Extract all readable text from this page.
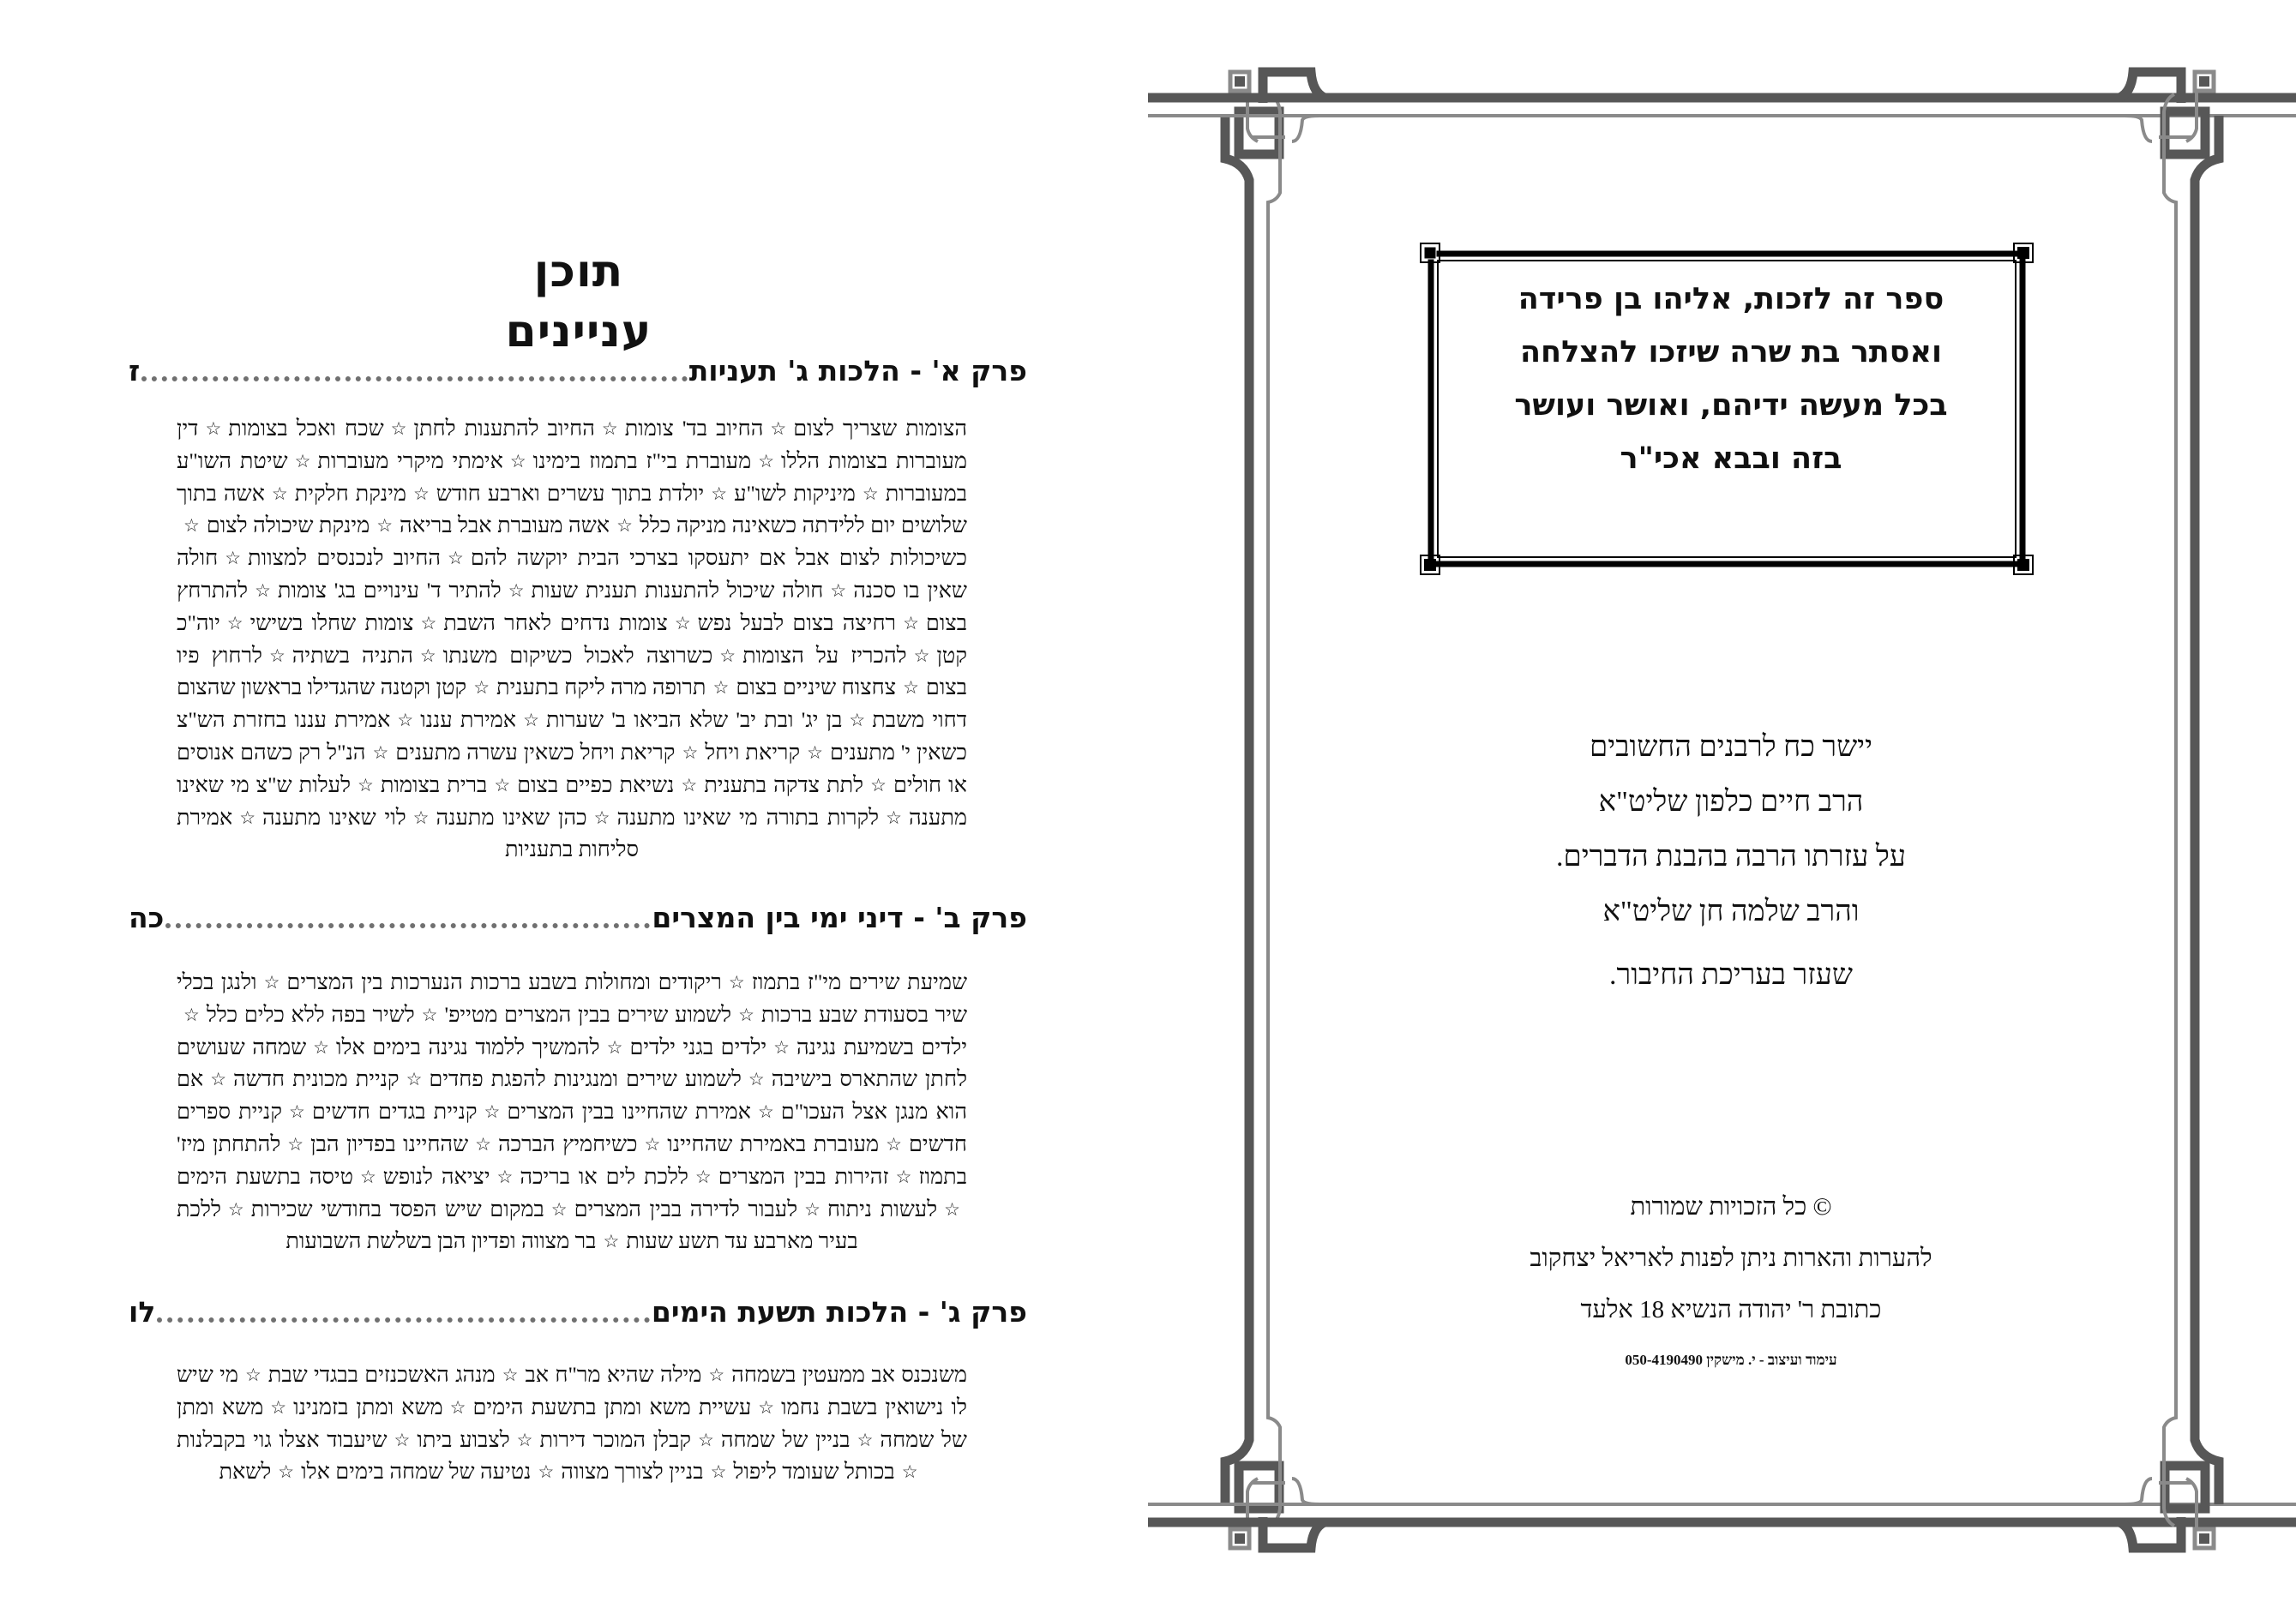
תוכן עניינים
פרק א' - הלכות ג' תעניות
ז
הצומות שצריך לצום☆החיוב בד' צומות☆החיוב להתענות לחתן☆שכח ואכל בצומות☆דין מעוברות בצומות הללו☆מעוברת בי"ז בתמוז בימינו☆אימתי מיקרי מעוברות☆שיטת השו"ע במעוברות☆מיניקות לשו"ע☆יולדת בתוך עשרים וארבע חודש☆מינקת חלקית☆אשה בתוך שלושים יום ללידתה כשאינה מניקה כלל☆אשה מעוברת אבל בריאה☆מינקת שיכולה לצום☆כשיכולות לצום אבל אם יתעסקו בצרכי הבית יוקשה להם☆החיוב לנכנסים למצוות☆חולה שאין בו סכנה☆חולה שיכול להתענות תענית שעות☆להתיר ד' עינויים בג' צומות☆להתרחץ בצום☆רחיצה בצום לבעל נפש☆צומות נדחים לאחר השבת☆צומות שחלו בשישי☆יוה"כ קטן☆להכריז על הצומות☆כשרוצה לאכול כשיקום משנתו☆התניה בשתיה☆לרחוץ פיו בצום☆צחצוח שיניים בצום☆תרופה מרה ליקח בתענית☆קטן וקטנה שהגדילו בראשון שהצום דחוי משבת☆בן יג' ובת יב' שלא הביאו ב' שערות☆אמירת עננו☆אמירת עננו בחזרת הש"צ כשאין י' מתענים☆קריאת ויחל☆קריאת ויחל כשאין עשרה מתענים☆הנ"ל רק כשהם אנוסים או חולים☆לתת צדקה בתענית☆נשיאת כפיים בצום☆ברית בצומות☆לעלות ש"צ מי שאינו מתענה☆לקרות בתורה מי שאינו מתענה☆כהן שאינו מתענה☆לוי שאינו מתענה☆אמירת סליחות בתעניות
פרק ב' - דיני ימי בין המצרים
כה
שמיעת שירים מי"ז בתמוז☆ריקודים ומחולות בשבע ברכות הנערכות בין המצרים☆ולנגן בכלי שיר בסעודת שבע ברכות☆לשמוע שירים בבין המצרים מטייפ'☆לשיר בפה ללא כלים כלל☆ילדים בשמיעת נגינה☆ילדים בגני ילדים☆להמשיך ללמוד נגינה בימים אלו☆שמחה שעושים לחתן שהתארס בישיבה☆לשמוע שירים ומנגינות להפגת פחדים☆קניית מכונית חדשה☆אם הוא מנגן אצל העכו"ם☆אמירת שהחיינו בבין המצרים☆קניית בגדים חדשים☆קניית ספרים חדשים☆מעוברת באמירת שהחיינו☆כשיחמיץ הברכה☆שהחיינו בפדיון הבן☆להתחתן מיז' בתמוז☆זהירות בבין המצרים☆ללכת לים או בריכה☆יציאה לנופש☆טיסה בתשעת הימים☆לעשות ניתוח☆לעבור לדירה בבין המצרים☆במקום שיש הפסד בחודשי שכירות☆ללכת בעיר מארבע עד תשע שעות☆בר מצווה ופדיון הבן בשלשת השבועות
פרק ג' - הלכות תשעת הימים
לו
משנכנס אב ממעטין בשמחה☆מילה שהיא מר"ח אב☆מנהג האשכנזים בבגדי שבת☆מי שיש לו נישואין בשבת נחמו☆עשיית משא ומתן בתשעת הימים☆משא ומתן בזמנינו☆משא ומתן של שמחה☆בניין של שמחה☆קבלן המוכר דירות☆לצבוע ביתו☆שיעבוד אצלו גוי בקבלנות☆בכותל שעומד ליפול☆בניין לצורך מצווה☆נטיעה של שמחה בימים אלו☆לשאת
ספר זה לזכות, אליהו בן פרידה
ואסתר בת שרה שיזכו להצלחה
בכל מעשה ידיהם, ואושר ועושר
בזה ובבא אכי"ר
יישר כח לרבנים החשובים
הרב חיים כלפון שליט"א
על עזרתו הרבה בהבנת הדברים.
והרב שלמה חן שליט"א
שעזר בעריכת החיבור.
© כל הזכויות שמורות
להערות והארות ניתן לפנות לאריאל יצחקוב
כתובת ר' יהודה הנשיא 18 אלעד
עימוד ועיצוב - י. מישקין 050-4190490
